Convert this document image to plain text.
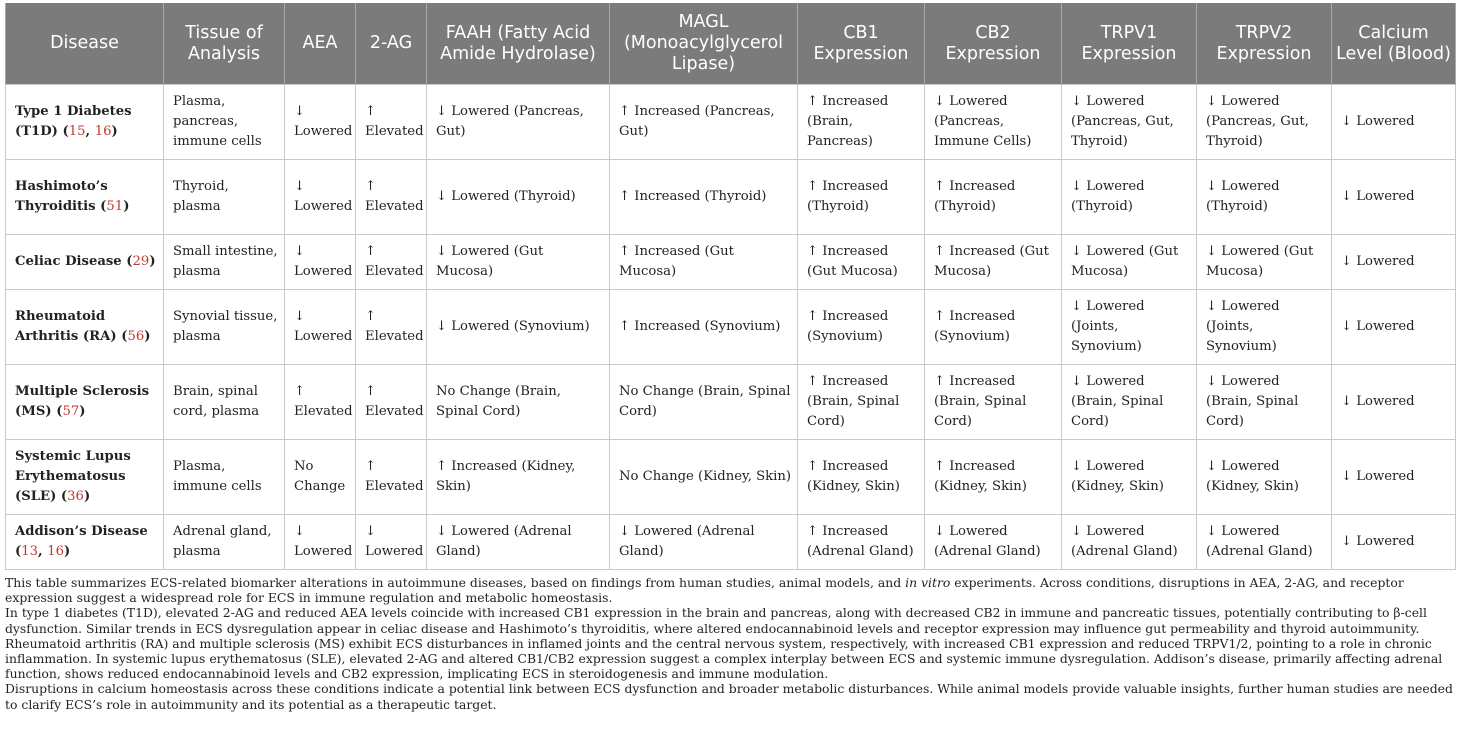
Disease	Tissue of Analysis	AEA	2-AG	FAAH (Fatty Acid Amide Hydrolase)	MAGL (Monoacylglycerol Lipase)	CB1 Expression	CB2 Expression	TRPV1 Expression	TRPV2 Expression	Calcium Level (Blood)
Type 1 Diabetes (T1D) (15, 16)	Plasma, pancreas, immune cells	↓ Lowered	↑ Elevated	↓ Lowered (Pancreas, Gut)	↑ Increased (Pancreas, Gut)	↑ Increased (Brain, Pancreas)	↓ Lowered (Pancreas, Immune Cells)	↓ Lowered (Pancreas, Gut, Thyroid)	↓ Lowered (Pancreas, Gut, Thyroid)	↓ Lowered
Hashimoto’s Thyroiditis (51)	Thyroid, plasma	↓ Lowered	↑ Elevated	↓ Lowered (Thyroid)	↑ Increased (Thyroid)	↑ Increased (Thyroid)	↑ Increased (Thyroid)	↓ Lowered (Thyroid)	↓ Lowered (Thyroid)	↓ Lowered
Celiac Disease (29)	Small intestine, plasma	↓ Lowered	↑ Elevated	↓ Lowered (Gut Mucosa)	↑ Increased (Gut Mucosa)	↑ Increased (Gut Mucosa)	↑ Increased (Gut Mucosa)	↓ Lowered (Gut Mucosa)	↓ Lowered (Gut Mucosa)	↓ Lowered
Rheumatoid Arthritis (RA) (56)	Synovial tissue, plasma	↓ Lowered	↑ Elevated	↓ Lowered (Synovium)	↑ Increased (Synovium)	↑ Increased (Synovium)	↑ Increased (Synovium)	↓ Lowered (Joints, Synovium)	↓ Lowered (Joints, Synovium)	↓ Lowered
Multiple Sclerosis (MS) (57)	Brain, spinal cord, plasma	↑ Elevated	↑ Elevated	No Change (Brain, Spinal Cord)	No Change (Brain, Spinal Cord)	↑ Increased (Brain, Spinal Cord)	↑ Increased (Brain, Spinal Cord)	↓ Lowered (Brain, Spinal Cord)	↓ Lowered (Brain, Spinal Cord)	↓ Lowered
Systemic Lupus Erythematosus (SLE) (36)	Plasma, immune cells	No Change	↑ Elevated	↑ Increased (Kidney, Skin)	No Change (Kidney, Skin)	↑ Increased (Kidney, Skin)	↑ Increased (Kidney, Skin)	↓ Lowered (Kidney, Skin)	↓ Lowered (Kidney, Skin)	↓ Lowered
Addison’s Disease (13, 16)	Adrenal gland, plasma	↓ Lowered	↓ Lowered	↓ Lowered (Adrenal Gland)	↓ Lowered (Adrenal Gland)	↑ Increased (Adrenal Gland)	↓ Lowered (Adrenal Gland)	↓ Lowered (Adrenal Gland)	↓ Lowered (Adrenal Gland)	↓ Lowered

This table summarizes ECS-related biomarker alterations in autoimmune diseases, based on findings from human studies, animal models, and in vitro experiments. Across conditions, disruptions in AEA, 2-AG, and receptor expression suggest a widespread role for ECS in immune regulation and metabolic homeostasis.

In type 1 diabetes (T1D), elevated 2-AG and reduced AEA levels coincide with increased CB1 expression in the brain and pancreas, along with decreased CB2 in immune and pancreatic tissues, potentially contributing to β-cell dysfunction. Similar trends in ECS dysregulation appear in celiac disease and Hashimoto’s thyroiditis, where altered endocannabinoid levels and receptor expression may influence gut permeability and thyroid autoimmunity.

Rheumatoid arthritis (RA) and multiple sclerosis (MS) exhibit ECS disturbances in inflamed joints and the central nervous system, respectively, with increased CB1 expression and reduced TRPV1/2, pointing to a role in chronic inflammation. In systemic lupus erythematosus (SLE), elevated 2-AG and altered CB1/CB2 expression suggest a complex interplay between ECS and systemic immune dysregulation. Addison’s disease, primarily affecting adrenal function, shows reduced endocannabinoid levels and CB2 expression, implicating ECS in steroidogenesis and immune modulation.

Disruptions in calcium homeostasis across these conditions indicate a potential link between ECS dysfunction and broader metabolic disturbances. While animal models provide valuable insights, further human studies are needed to clarify ECS’s role in autoimmunity and its potential as a therapeutic target.
